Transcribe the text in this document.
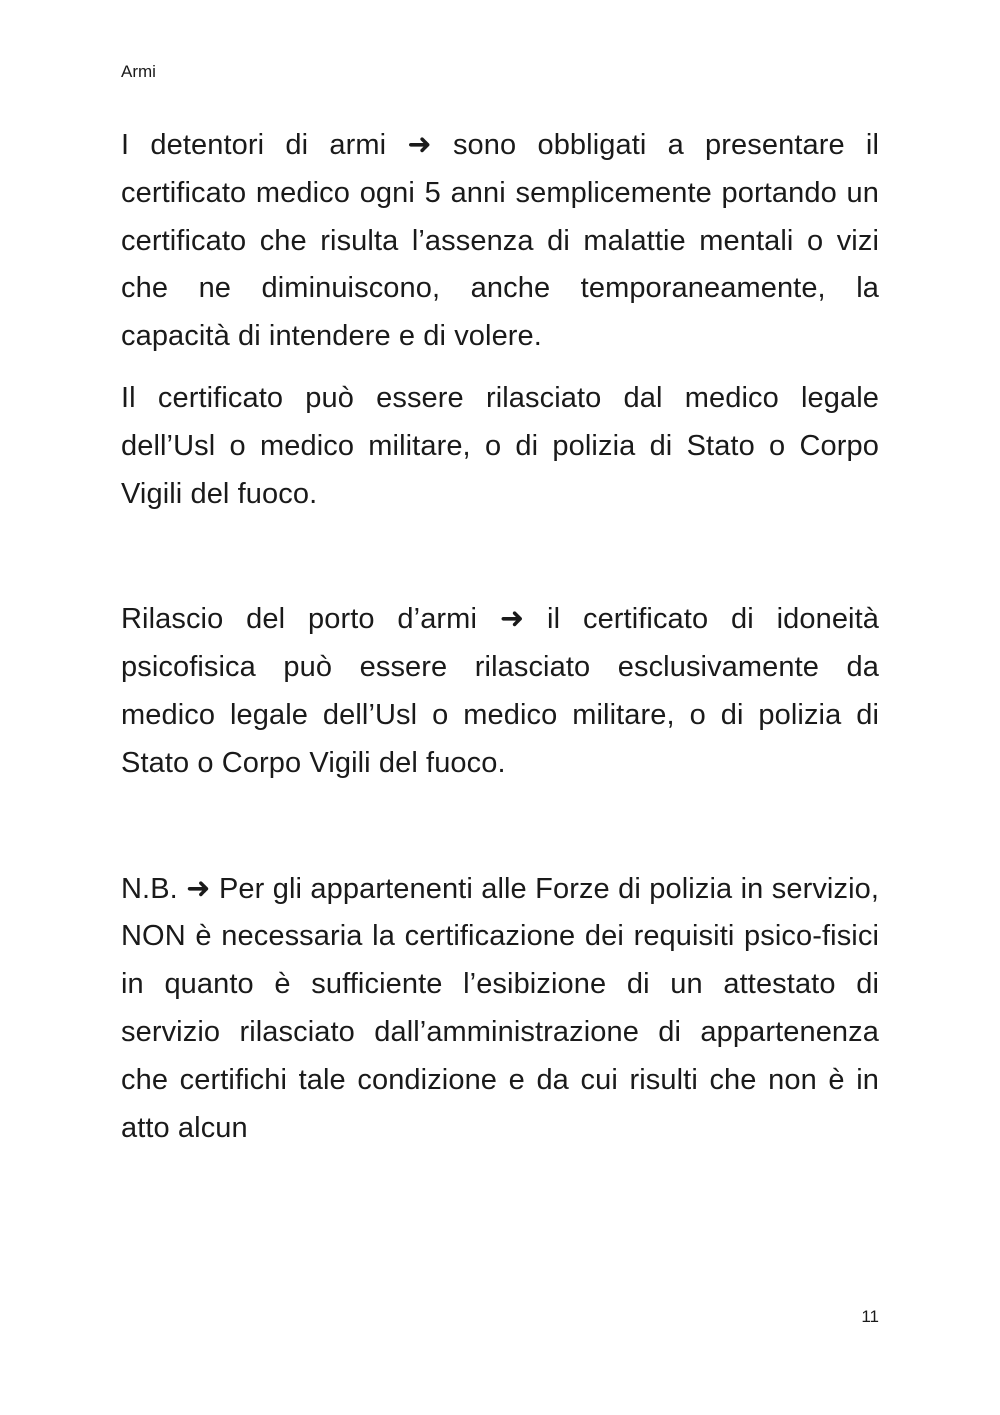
Armi

I detentori di armi ➜ sono obbligati a presentare il certificato medico ogni 5 anni semplicemente portando un certificato che risulta l’assenza di malattie mentali o vizi che ne diminuiscono, anche temporaneamente, la capacità di intendere e di volere.

Il certificato può essere rilasciato dal medico legale dell’Usl o medico militare, o di polizia di Stato o Corpo Vigili del fuoco.

Rilascio del porto d’armi ➜ il certificato di idoneità psicofisica può essere rilasciato esclusivamente da medico legale dell’Usl o medico militare, o di polizia di Stato o Corpo Vigili del fuoco.

N.B. ➜ Per gli appartenenti alle Forze di polizia in servizio, NON è necessaria la certificazione dei requisiti psico-fisici in quanto è sufficiente l’esibizione di un attestato di servizio rilasciato dall’amministrazione di appartenenza che certifichi tale condizione e da cui risulti che non è in atto alcun

11
